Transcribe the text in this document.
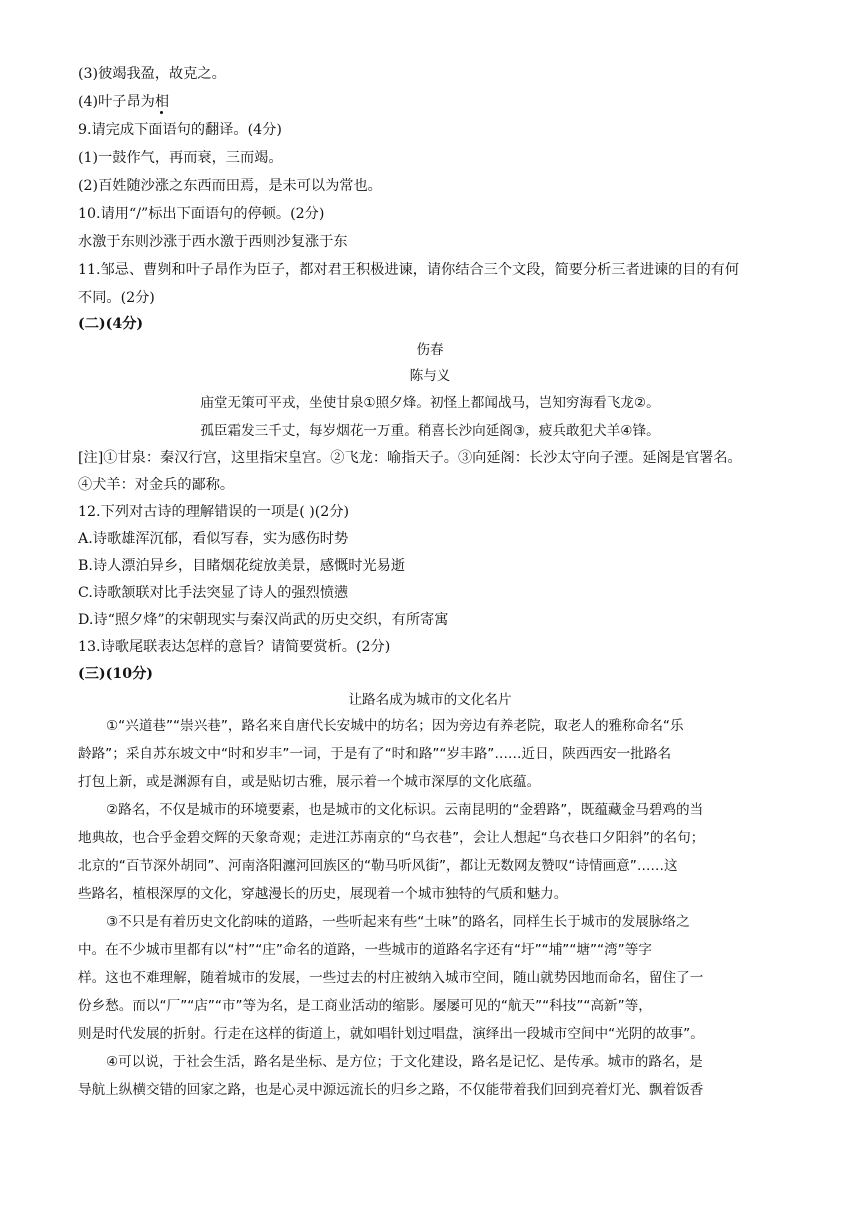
(3)彼竭我盈，故克之。
(4)叶子昂为相
9.请完成下面语句的翻译。(4分)
(1)一鼓作气，再而衰，三而竭。
(2)百姓随沙涨之东西而田焉，是未可以为常也。
10.请用“/”标出下面语句的停顿。(2分)
水激于东则沙涨于西水激于西则沙复涨于东
11.邹忌、曹刿和叶子昂作为臣子，都对君王积极进谏，请你结合三个文段，简要分析三者进谏的目的有何
不同。(2分)
(二)(4分)
伤春
陈与义
庙堂无策可平戎，坐使甘泉①照夕烽。初怪上都闻战马，岂知穷海看飞龙②。
孤臣霜发三千丈，每岁烟花一万重。稍喜长沙向延阁③，疲兵敢犯犬羊④锋。
[注]①甘泉：秦汉行宫，这里指宋皇宫。②飞龙：喻指天子。③向延阁：长沙太守向子湮。延阁是官署名。
④犬羊：对金兵的鄙称。
12.下列对古诗的理解错误的一项是( )(2分)
A.诗歌雄浑沉郁，看似写春，实为感伤时势
B.诗人漂泊异乡，目睹烟花绽放美景，感慨时光易逝
C.诗歌颔联对比手法突显了诗人的强烈愤懑
D.诗“照夕烽”的宋朝现实与秦汉尚武的历史交织，有所寄寓
13.诗歌尾联表达怎样的意旨？请简要赏析。(2分)
(三)(10分)
让路名成为城市的文化名片
①“兴道巷”“崇兴巷”，路名来自唐代长安城中的坊名；因为旁边有养老院，取老人的雅称命名“乐
龄路”；采自苏东坡文中“时和岁丰”一词，于是有了“时和路”“岁丰路”……近日，陕西西安一批路名
打包上新，或是渊源有自，或是贴切古雅，展示着一个城市深厚的文化底蕴。
②路名，不仅是城市的环境要素，也是城市的文化标识。云南昆明的“金碧路”，既蕴藏金马碧鸡的当
地典故，也合乎金碧交辉的天象奇观；走进江苏南京的“乌衣巷”，会让人想起“乌衣巷口夕阳斜”的名句；
北京的“百节深外胡同”、河南洛阳瀍河回族区的“勒马听风街”，都让无数网友赞叹“诗情画意”……这
些路名，植根深厚的文化，穿越漫长的历史，展现着一个城市独特的气质和魅力。
③不只是有着历史文化韵味的道路，一些听起来有些“土味”的路名，同样生长于城市的发展脉络之
中。在不少城市里都有以“村”“庄”命名的道路，一些城市的道路名字还有“圩”“埔”“塘”“湾”等字
样。这也不难理解，随着城市的发展，一些过去的村庄被纳入城市空间，随山就势因地而命名，留住了一
份乡愁。而以“厂”“店”“市”等为名，是工商业活动的缩影。屡屡可见的“航天”“科技”“高新”等，
则是时代发展的折射。行走在这样的街道上，就如唱针划过唱盘，演绎出一段城市空间中“光阴的故事”。
④可以说，于社会生活，路名是坐标、是方位；于文化建设，路名是记忆、是传承。城市的路名，是
导航上纵横交错的回家之路，也是心灵中源远流长的归乡之路，不仅能带着我们回到亮着灯光、飘着饭香
